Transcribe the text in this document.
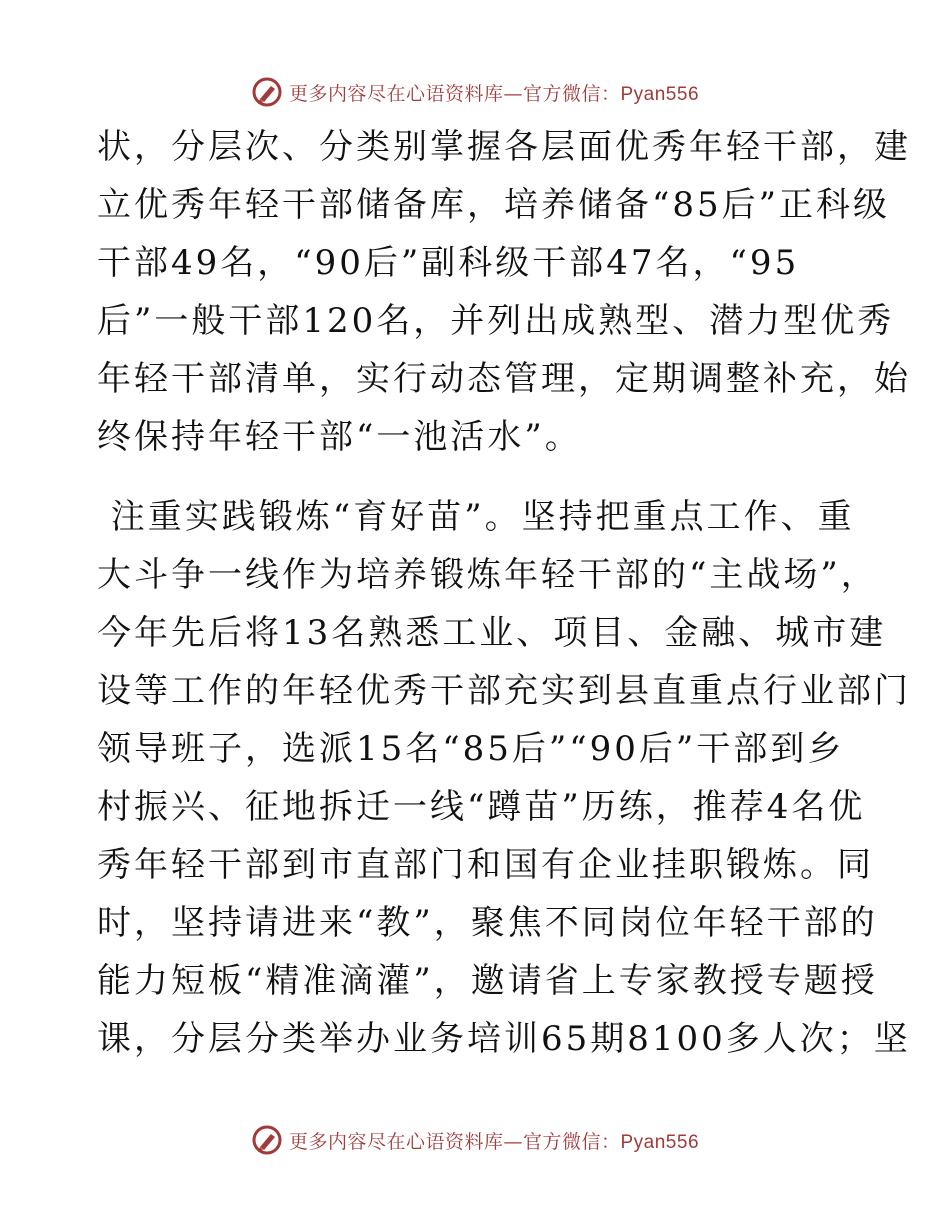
更多内容尽在心语资料库—官方微信：Pyan556
状，分层次、分类别掌握各层面优秀年轻干部，建
立优秀年轻干部储备库，培养储备“85后”正科级
干部49名，“90后”副科级干部47名，“95
后”一般干部120名，并列出成熟型、潜力型优秀
年轻干部清单，实行动态管理，定期调整补充，始
终保持年轻干部“一池活水”。
注重实践锻炼“育好苗”。坚持把重点工作、重
大斗争一线作为培养锻炼年轻干部的“主战场”，
今年先后将13名熟悉工业、项目、金融、城市建
设等工作的年轻优秀干部充实到县直重点行业部门
领导班子，选派15名“85后”“90后”干部到乡
村振兴、征地拆迁一线“蹲苗”历练，推荐4名优
秀年轻干部到市直部门和国有企业挂职锻炼。同
时，坚持请进来“教”，聚焦不同岗位年轻干部的
能力短板“精准滴灌”，邀请省上专家教授专题授
课，分层分类举办业务培训65期8100多人次；坚
更多内容尽在心语资料库—官方微信：Pyan556
